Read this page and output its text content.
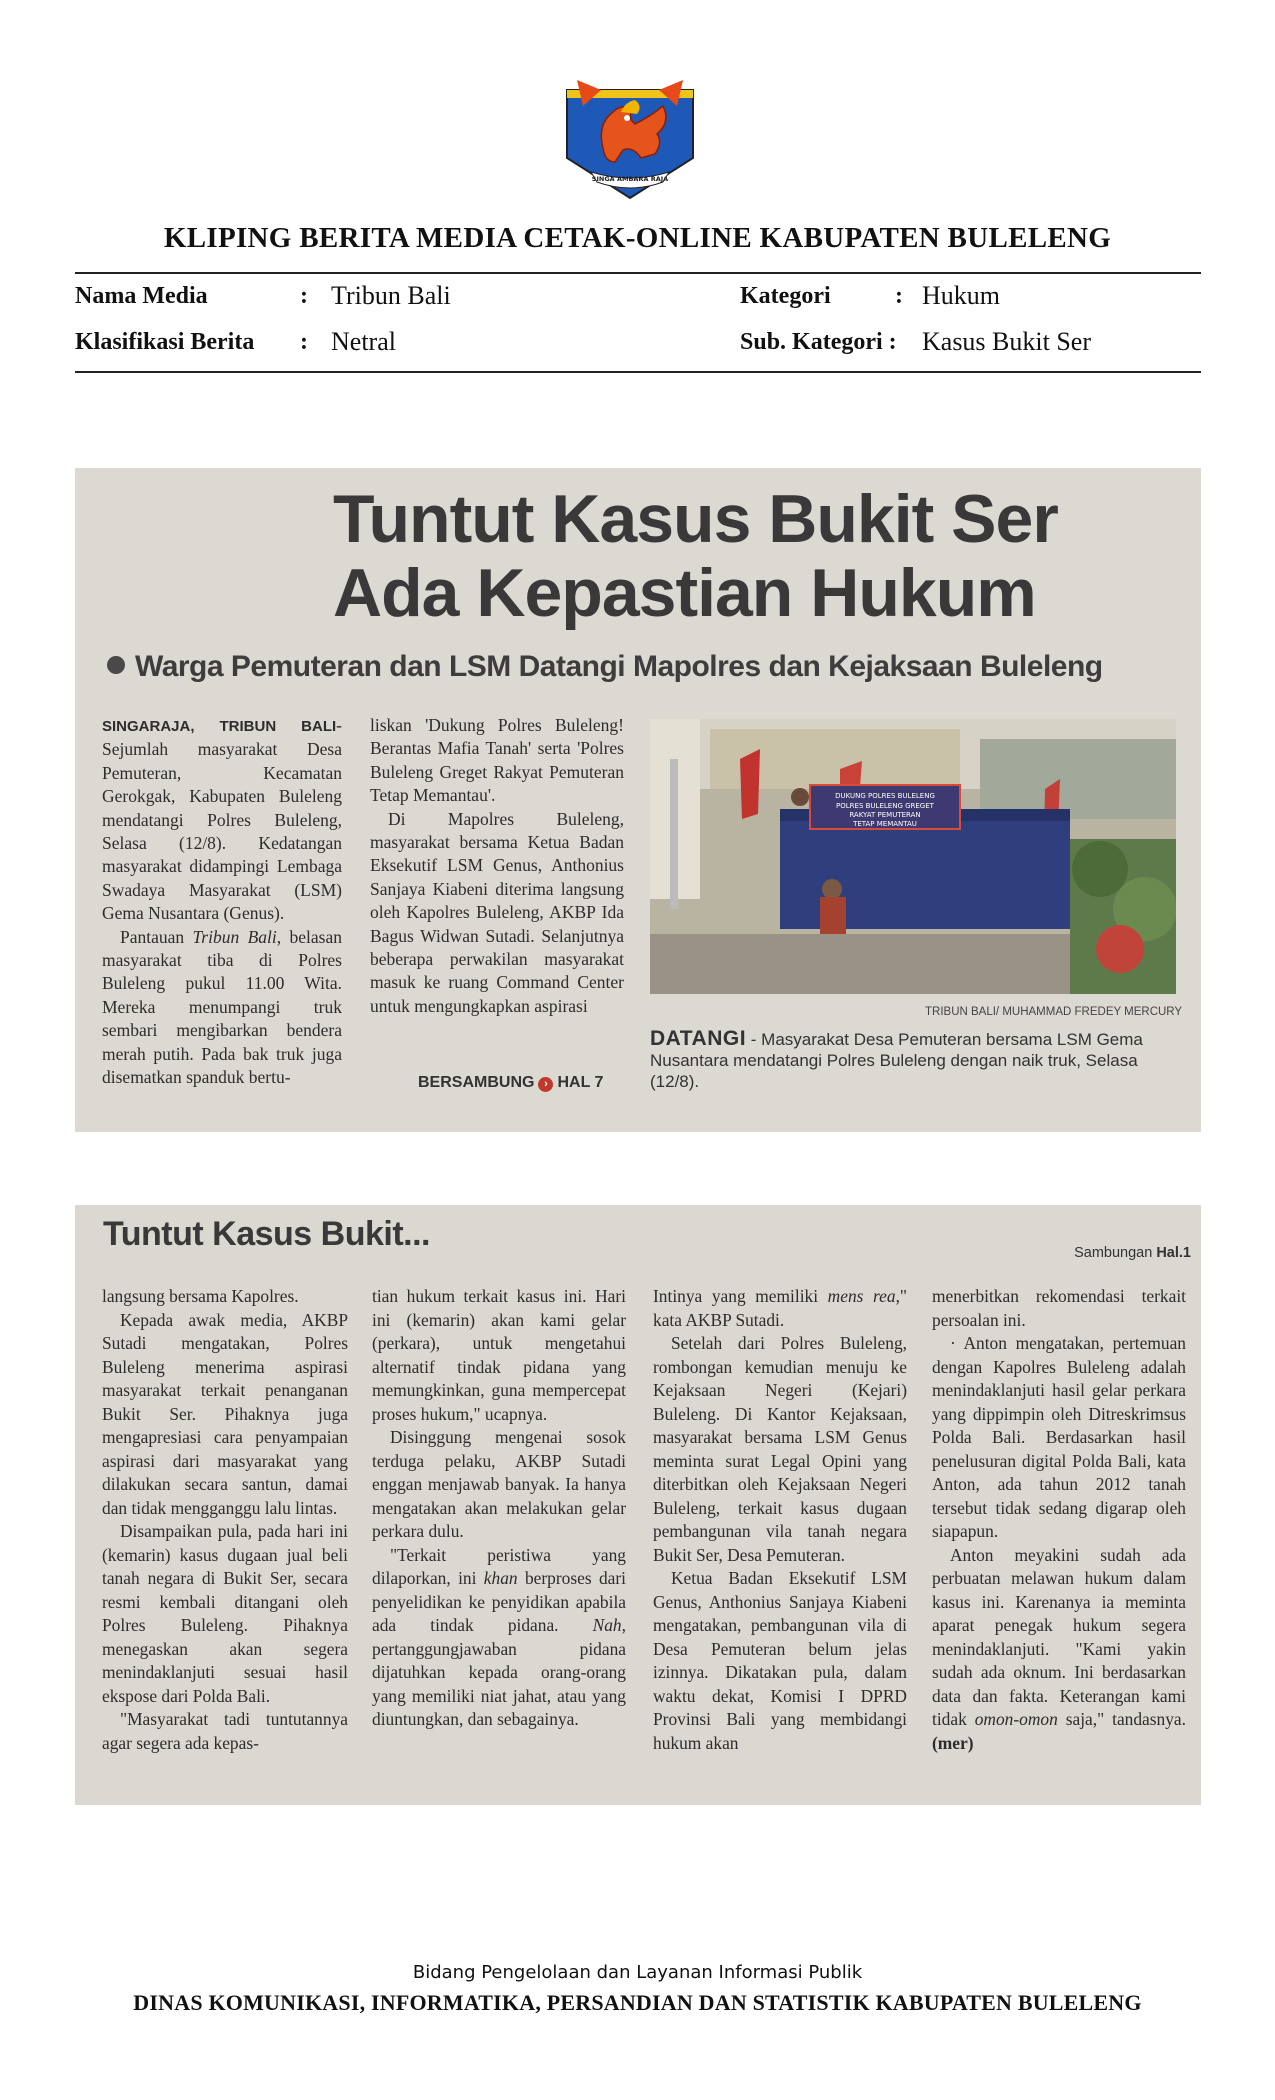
SINGA AMBARA RAJA
KLIPING BERITA MEDIA CETAK-ONLINE KABUPATEN BULELENG
Nama Media	: Tribun Bali	Kategori	: Hukum
Klasifikasi Berita : Netral	Sub. Kategori : Kasus Bukit Ser
Tuntut Kasus Bukit Ser
Ada Kepastian Hukum
Warga Pemuteran dan LSM Datangi Mapolres dan Kejaksaan Buleleng

SINGARAJA, TRIBUN BALI- Sejumlah masyarakat Desa Pemuteran, Kecamatan Gerokgak, Kabupaten Buleleng mendatangi Polres Buleleng, Selasa (12/8). Kedatangan masyarakat didampingi Lembaga Swadaya Masyarakat (LSM) Gema Nusantara (Genus).

Pantauan Tribun Bali, belasan masyarakat tiba di Polres Buleleng pukul 11.00 Wita. Mereka menumpangi truk sembari mengibarkan bendera merah putih. Pada bak truk juga disematkan spanduk bertu-

liskan 'Dukung Polres Buleleng! Berantas Mafia Tanah' serta 'Polres Buleleng Greget Rakyat Pemuteran Tetap Memantau'.

Di Mapolres Buleleng, masyarakat bersama Ketua Badan Eksekutif LSM Genus, Anthonius Sanjaya Kiabeni diterima langsung oleh Kapolres Buleleng, AKBP Ida Bagus Widwan Sutadi. Selanjutnya beberapa perwakilan masyarakat masuk ke ruang Command Center untuk mengungkapkan aspirasi

BERSAMBUNG › HAL 7
DUKUNG POLRES BULELENG
POLRES BULELENG GREGET
RAKYAT PEMUTERAN
TETAP MEMANTAU
TRIBUN BALI/ MUHAMMAD FREDEY MERCURY
DATANGI - Masyarakat Desa Pemuteran bersama LSM Gema Nusantara mendatangi Polres Buleleng dengan naik truk, Selasa (12/8).
Tuntut Kasus Bukit...	Sambungan Hal.1

langsung bersama Kapolres.

Kepada awak media, AKBP Sutadi mengatakan, Polres Buleleng menerima aspirasi masyarakat terkait penanganan Bukit Ser. Pihaknya juga mengapresiasi cara penyampaian aspirasi dari masyarakat yang dilakukan secara santun, damai dan tidak mengganggu lalu lintas.

Disampaikan pula, pada hari ini (kemarin) kasus dugaan jual beli tanah negara di Bukit Ser, secara resmi kembali ditangani oleh Polres Buleleng. Pihaknya menegaskan akan segera menindaklanjuti sesuai hasil ekspose dari Polda Bali.

"Masyarakat tadi tuntutannya agar segera ada kepas-

tian hukum terkait kasus ini. Hari ini (kemarin) akan kami gelar (perkara), untuk mengetahui alternatif tindak pidana yang memungkinkan, guna mempercepat proses hukum," ucapnya.

Disinggung mengenai sosok terduga pelaku, AKBP Sutadi enggan menjawab banyak. Ia hanya mengatakan akan melakukan gelar perkara dulu.

"Terkait peristiwa yang dilaporkan, ini khan berproses dari penyelidikan ke penyidikan apabila ada tindak pidana. Nah, pertanggungjawaban pidana dijatuhkan kepada orang-orang yang memiliki niat jahat, atau yang diuntungkan, dan sebagainya.

Intinya yang memiliki mens rea," kata AKBP Sutadi.

Setelah dari Polres Buleleng, rombongan kemudian menuju ke Kejaksaan Negeri (Kejari) Buleleng. Di Kantor Kejaksaan, masyarakat bersama LSM Genus meminta surat Legal Opini yang diterbitkan oleh Kejaksaan Negeri Buleleng, terkait kasus dugaan pembangunan vila tanah negara Bukit Ser, Desa Pemuteran.

Ketua Badan Eksekutif LSM Genus, Anthonius Sanjaya Kiabeni mengatakan, pembangunan vila di Desa Pemuteran belum jelas izinnya. Dikatakan pula, dalam waktu dekat, Komisi I DPRD Provinsi Bali yang membidangi hukum akan

menerbitkan rekomendasi terkait persoalan ini.

· Anton mengatakan, pertemuan dengan Kapolres Buleleng adalah menindaklanjuti hasil gelar perkara yang dippimpin oleh Ditreskrimsus Polda Bali. Berdasarkan hasil penelusuran digital Polda Bali, kata Anton, ada tahun 2012 tanah tersebut tidak sedang digarap oleh siapapun.

Anton meyakini sudah ada perbuatan melawan hukum dalam kasus ini. Karenanya ia meminta aparat penegak hukum segera menindaklanjuti. "Kami yakin sudah ada oknum. Ini berdasarkan data dan fakta. Keterangan kami tidak omon-omon saja," tandasnya. (mer)

Bidang Pengelolaan dan Layanan Informasi Publik
DINAS KOMUNIKASI, INFORMATIKA, PERSANDIAN DAN STATISTIK KABUPATEN BULELENG
